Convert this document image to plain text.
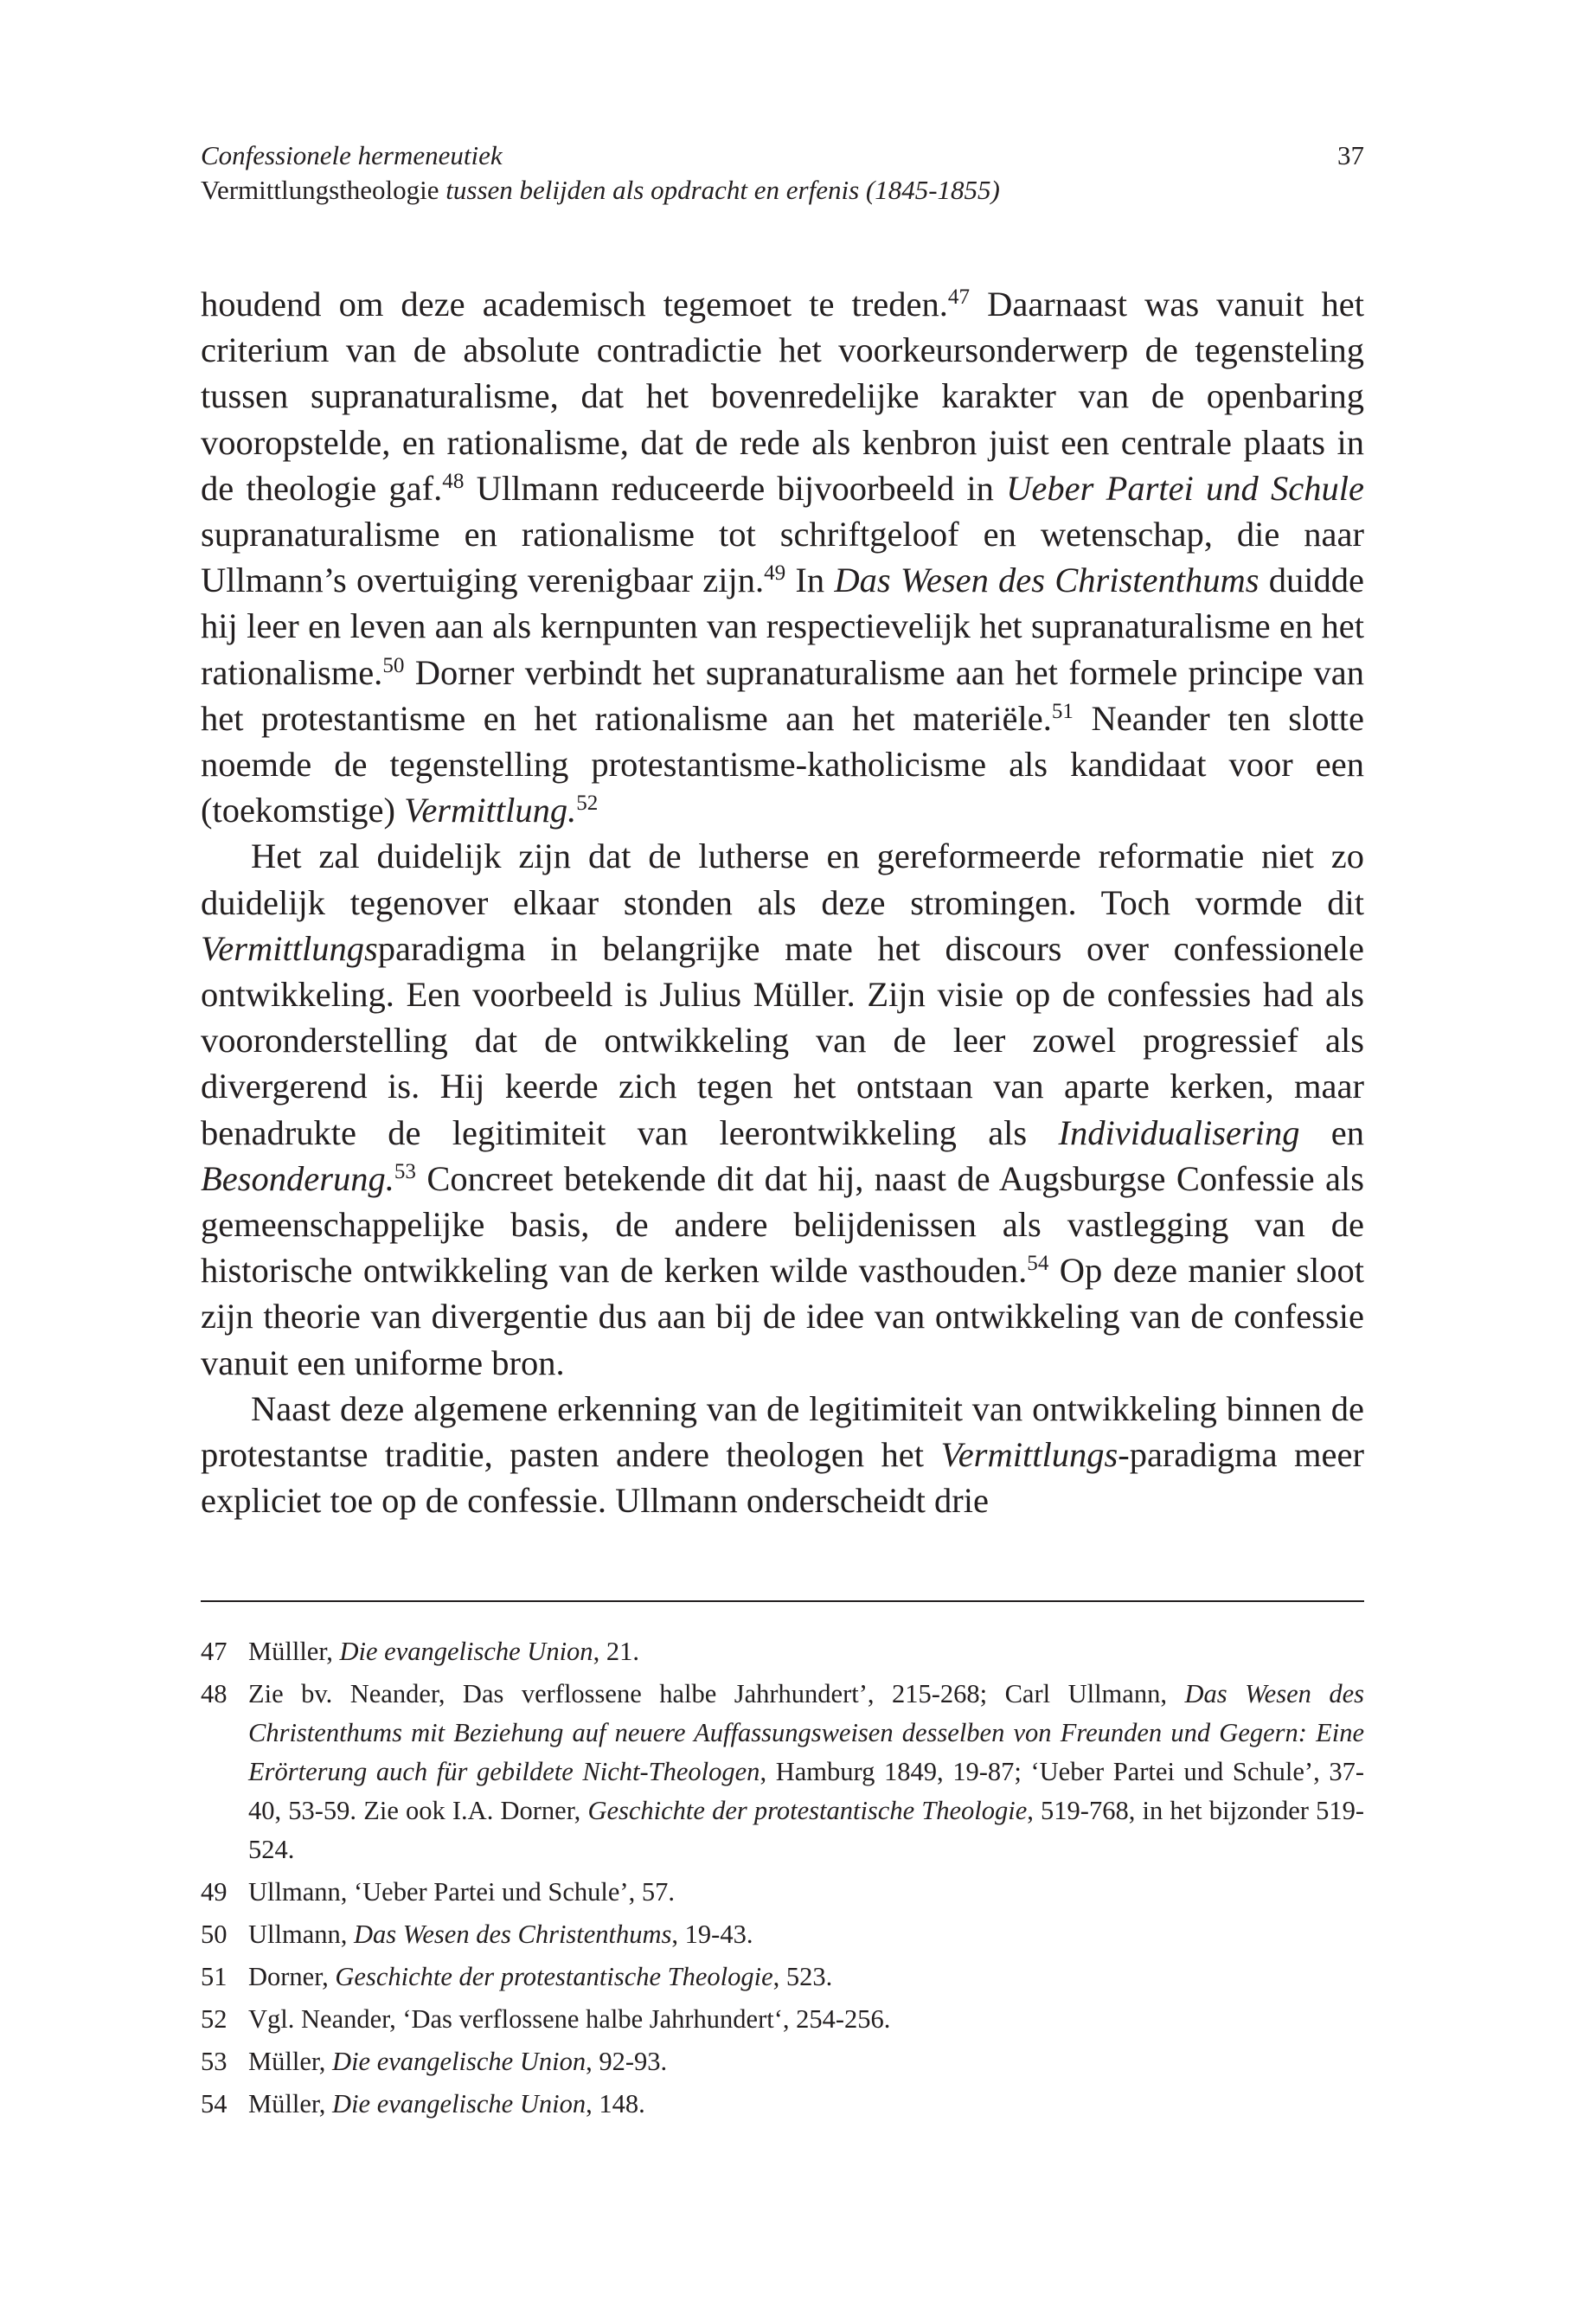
Confessionele hermeneutiek
Vermittlungstheologie tussen belijden als opdracht en erfenis (1845-1855)
37

houdend om deze academisch tegemoet te treden.$^{47}$ Daarnaast was vanuit het criterium van de absolute contradictie het voorkeursonderwerp de tegensteling tussen supranaturalisme, dat het bovenredelijke karakter van de openbaring vooropstelde, en rationalisme, dat de rede als kenbron juist een centrale plaats in de theologie gaf.$^{48}$ Ullmann reduceerde bijvoorbeeld in Ueber Partei und Schule supranaturalisme en rationalisme tot schriftgeloof en wetenschap, die naar Ullmann’s overtuiging verenigbaar zijn.$^{49}$ In Das Wesen des Christenthums duidde hij leer en leven aan als kernpunten van respectievelijk het supranaturalisme en het rationalisme.$^{50}$ Dorner verbindt het supranaturalisme aan het formele principe van het protestantisme en het rationalisme aan het materiële.$^{51}$ Neander ten slotte noemde de tegenstelling protestantisme-katholicisme als kandidaat voor een (toekomstige) Vermittlung.$^{52}$

Het zal duidelijk zijn dat de lutherse en gereformeerde reformatie niet zo duidelijk tegenover elkaar stonden als deze stromingen. Toch vormde dit Vermittlungsparadigma in belangrijke mate het discours over confessionele ontwikkeling. Een voorbeeld is Julius Müller. Zijn visie op de confessies had als vooronderstelling dat de ontwikkeling van de leer zowel progressief als divergerend is. Hij keerde zich tegen het ontstaan van aparte kerken, maar benadrukte de legitimiteit van leerontwikkeling als Individualisering en Besonderung.$^{53}$ Concreet betekende dit dat hij, naast de Augsburgse Confessie als gemeenschappelijke basis, de andere belijdenissen als vastlegging van de historische ontwikkeling van de kerken wilde vasthouden.$^{54}$ Op deze manier sloot zijn theorie van divergentie dus aan bij de idee van ontwikkeling van de confessie vanuit een uniforme bron.

Naast deze algemene erkenning van de legitimiteit van ontwikkeling binnen de protestantse traditie, pasten andere theologen het Vermittlungs-paradigma meer expliciet toe op de confessie. Ullmann onderscheidt drie

47 Mülller, Die evangelische Union, 21.
48 Zie bv. Neander, Das verflossene halbe Jahrhundert’, 215-268; Carl Ullmann, Das Wesen des Christenthums mit Beziehung auf neuere Auffassungsweisen desselben von Freunden und Gegern: Eine Erörterung auch für gebildete Nicht-Theologen, Hamburg 1849, 19-87; ‘Ueber Partei und Schule’, 37-40, 53-59. Zie ook I.A. Dorner, Geschichte der protestantische Theologie, 519-768, in het bijzonder 519-524.
49 Ullmann, ‘Ueber Partei und Schule’, 57.
50 Ullmann, Das Wesen des Christenthums, 19-43.
51 Dorner, Geschichte der protestantische Theologie, 523.
52 Vgl. Neander, ‘Das verflossene halbe Jahrhundert‘, 254-256.
53 Müller, Die evangelische Union, 92-93.
54 Müller, Die evangelische Union, 148.
